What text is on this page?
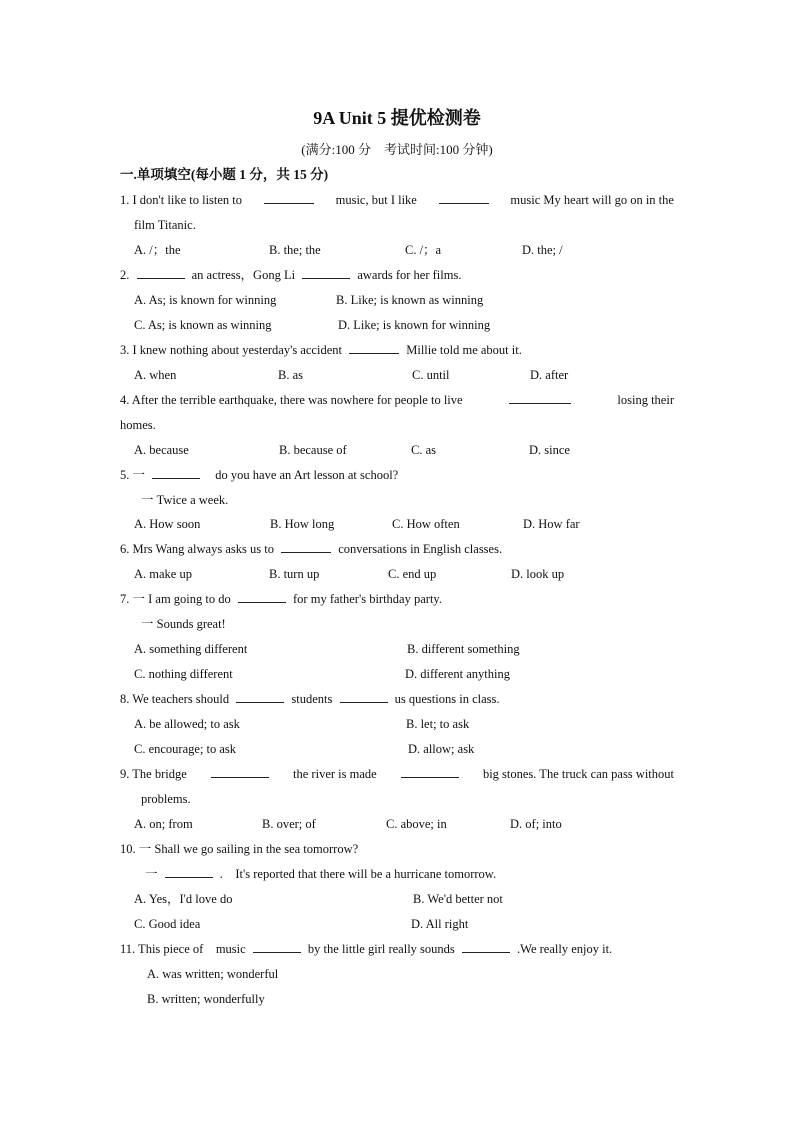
9A Unit 5 提优检测卷
(满分:100 分　考试时间:100 分钟)
一.单项填空(每小题 1 分，共 15 分)
1. I don't like to listen to	music, but I like	music My heart will go on in the
film Titanic.
A. /；the	B. the; the	C. /；a	D. the; /
2.	an actress，Gong Li	awards for her films.
A. As; is known for winning	B. Like; is known as winning
C. As; is known as winning	D. Like; is known for winning
3. I knew nothing about yesterday's accident	Millie told me about it.
A. when	B. as	C. until	D. after
4. After the terrible earthquake, there was nowhere for people to live	losing their
homes.
A. because	B. because of	C. as	D. since
5. 一	do you have an Art lesson at school?
一 Twice a week.
A. How soon	B. How long	C. How often	D. How far
6. Mrs Wang always asks us to	conversations in English classes.
A. make up	B. turn up	C. end up	D. look up
7. 一 I am going to do	for my father's birthday party.
一 Sounds great!
A. something different	B. different something
C. nothing different	D. different anything
8. We teachers should	students	us questions in class.
A. be allowed; to ask	B. let; to ask
C. encourage; to ask	D. allow; ask
9. The bridge	the river is made	big stones. The truck can pass without
problems.
A. on; from	B. over; of	C. above; in	D. of; into
10. 一 Shall we go sailing in the sea tomorrow?
一	.　It's reported that there will be a hurricane tomorrow.
A. Yes，I'd love do	B. We'd better not
C. Good idea	D. All right
11. This piece of　music	by the little girl really sounds	.We really enjoy it.
A. was written; wonderful
B. written; wonderfully
